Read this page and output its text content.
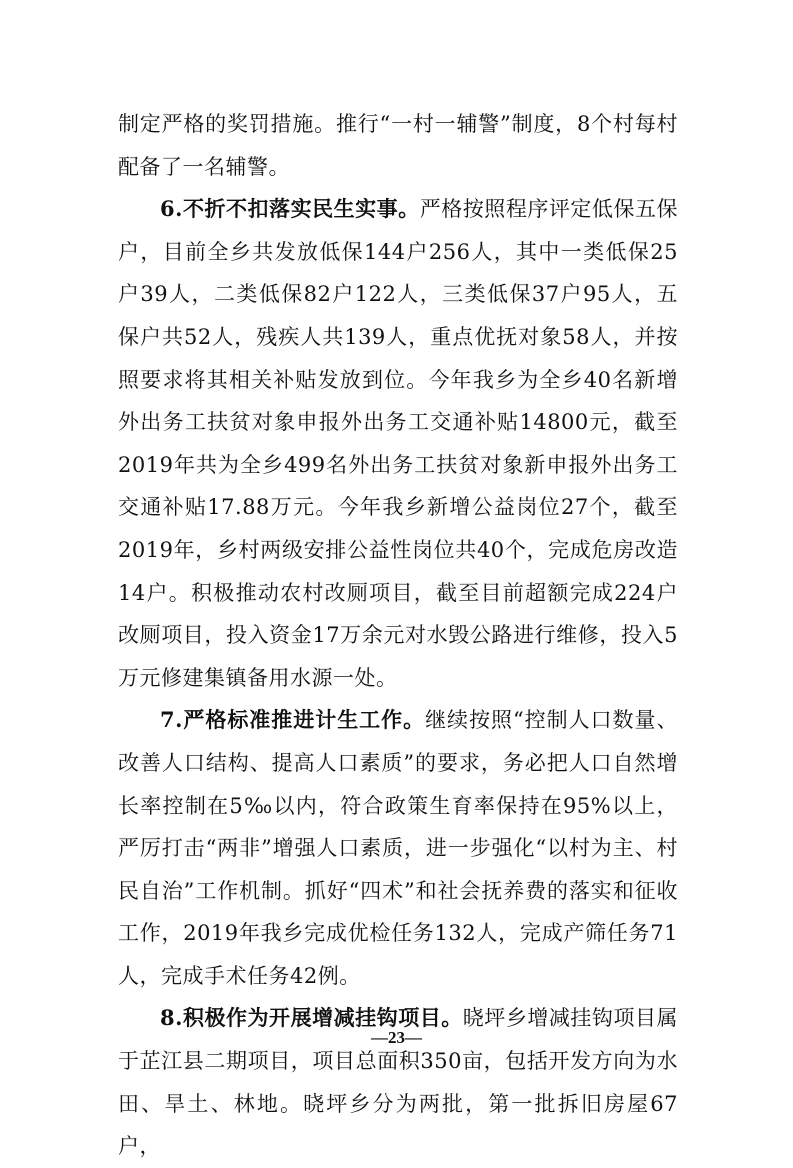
制定严格的奖罚措施。推行“一村一辅警”制度，8个村每村配备了一名辅警。

6.不折不扣落实民生实事。严格按照程序评定低保五保户，目前全乡共发放低保144户256人，其中一类低保25户39人，二类低保82户122人，三类低保37户95人，五保户共52人，残疾人共139人，重点优抚对象58人，并按照要求将其相关补贴发放到位。今年我乡为全乡40名新增外出务工扶贫对象申报外出务工交通补贴14800元，截至2019年共为全乡499名外出务工扶贫对象新申报外出务工交通补贴17.88万元。今年我乡新增公益岗位27个，截至2019年，乡村两级安排公益性岗位共40个，完成危房改造14户。积极推动农村改厕项目，截至目前超额完成224户改厕项目，投入资金17万余元对水毁公路进行维修，投入5万元修建集镇备用水源一处。

7.严格标准推进计生工作。继续按照“控制人口数量、改善人口结构、提高人口素质”的要求，务必把人口自然增长率控制在5‰以内，符合政策生育率保持在95%以上，严厉打击“两非”增强人口素质，进一步强化“以村为主、村民自治”工作机制。抓好“四术”和社会抚养费的落实和征收工作，2019年我乡完成优检任务132人，完成产筛任务71人，完成手术任务42例。

8.积极作为开展增减挂钩项目。晓坪乡增减挂钩项目属于芷江县二期项目，项目总面积350亩，包括开发方向为水田、旱土、林地。晓坪乡分为两批，第一批拆旧房屋67户，

—23—
